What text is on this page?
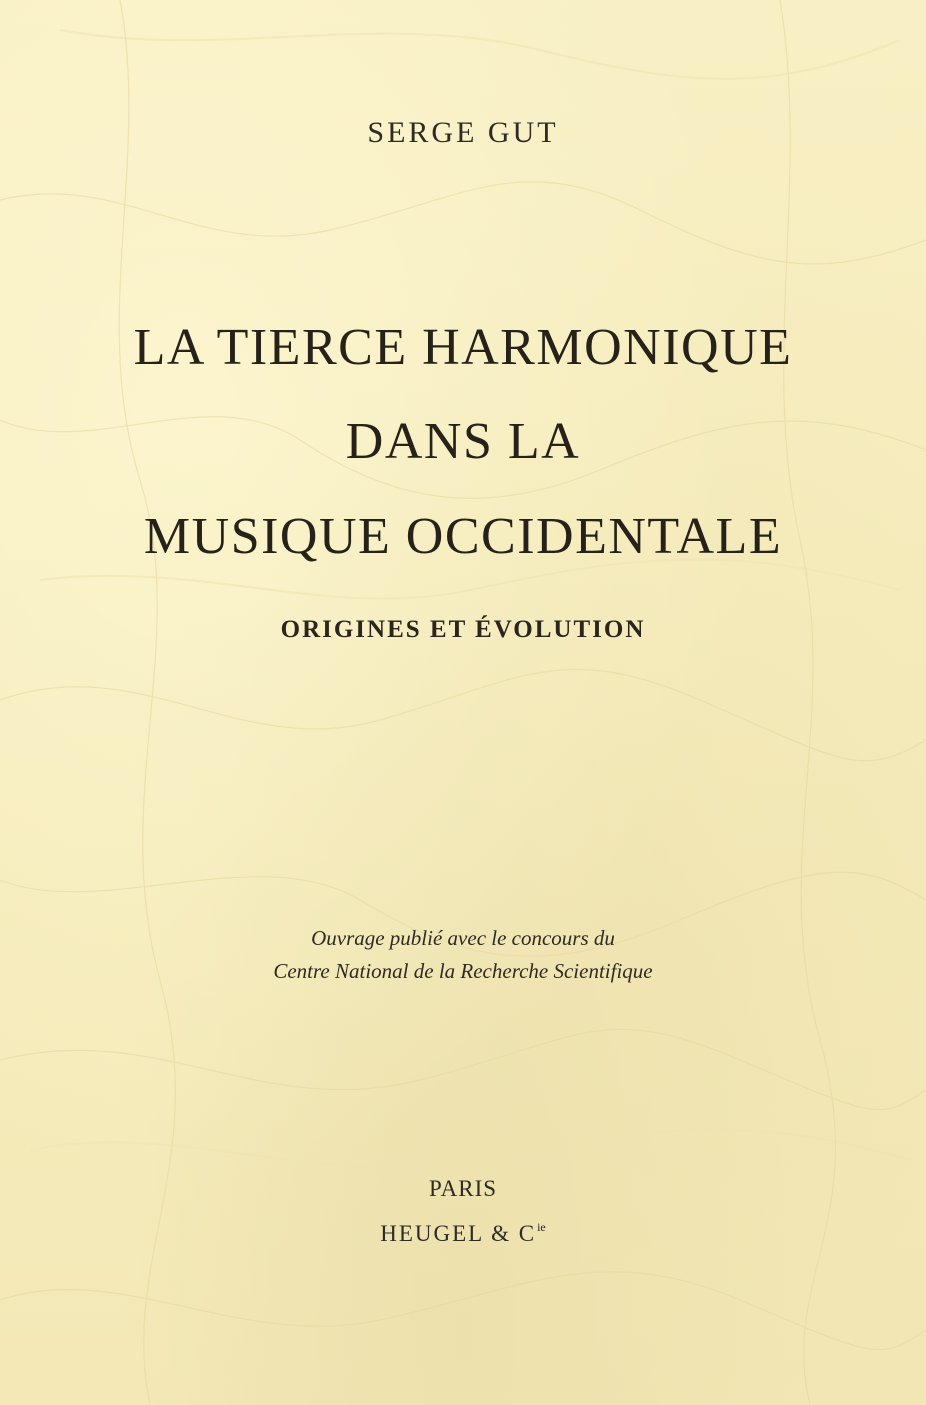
SERGE GUT
LA TIERCE HARMONIQUE
DANS LA
MUSIQUE OCCIDENTALE
ORIGINES ET ÉVOLUTION
Ouvrage publié avec le concours du
Centre National de la Recherche Scientifique
PARIS
HEUGEL & $C^{ie}$
